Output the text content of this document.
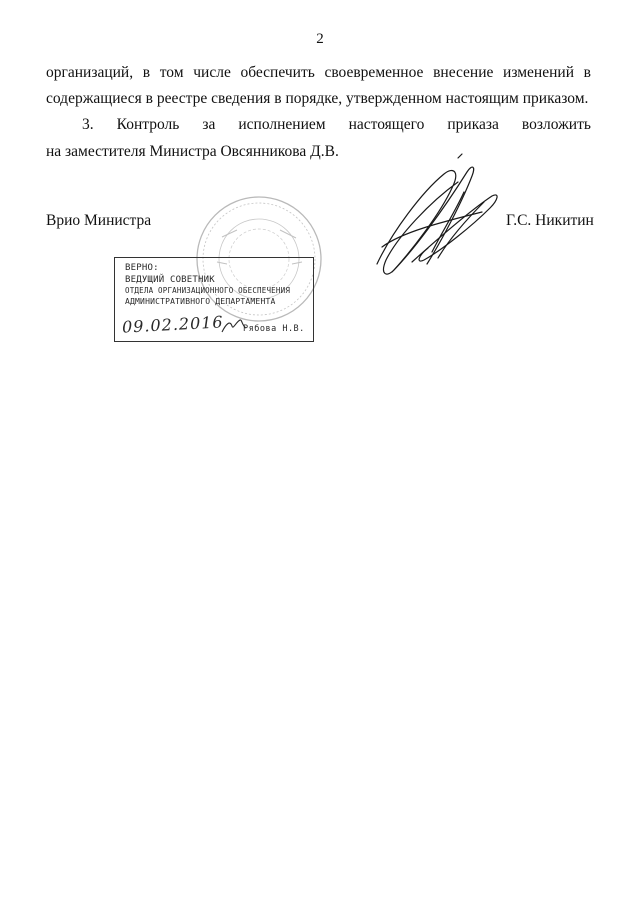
2
организаций, в том числе обеспечить своевременное внесение изменений в
содержащиеся в реестре сведения в порядке, утвержденном настоящим приказом.
3. Контроль за исполнением настоящего приказа возложить
на заместителя Министра Овсянникова Д.В.
Врио Министра	Г.С. Никитин
ВЕРНО:
ВЕДУЩИЙ СОВЕТНИК
ОТДЕЛА ОРГАНИЗАЦИОННОГО ОБЕСПЕЧЕНИЯ
АДМИНИСТРАТИВНОГО ДЕПАРТАМЕНТА
09.02.2016 Рябова Н.В.
